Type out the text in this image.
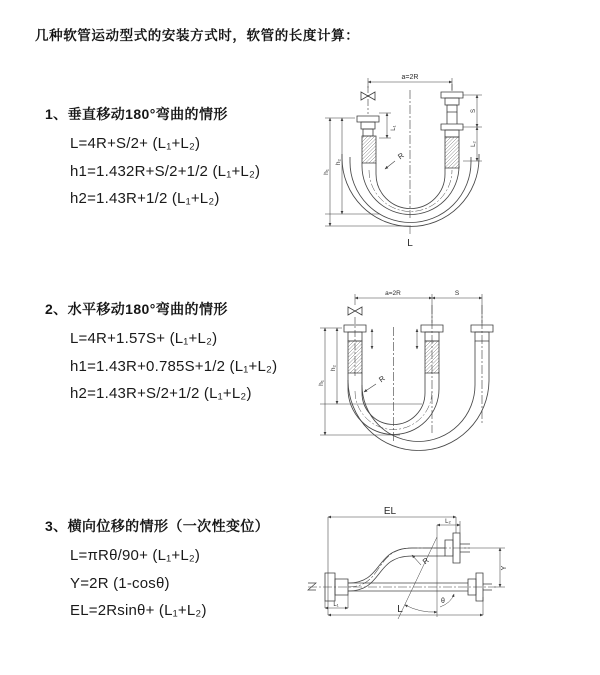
几种软管运动型式的安装方式时，软管的长度计算：
1、垂直移动180°弯曲的情形
L=4R+S/2+ (L₁+L₂)
h1=1.432R+S/2+1/2 (L₁+L₂)
h2=1.43R+1/2 (L₁+L₂)
2、水平移动180°弯曲的情形
L=4R+1.57S+ (L₁+L₂)
h1=1.43R+0.785S+1/2 (L₁+L₂)
h2=1.43R+S/2+1/2 (L₁+L₂)
3、横向位移的情形（一次性变位）
L=πRθ/90+ (L₁+L₂)
Y=2R (1-cosθ)
EL=2Rsinθ+ (L₁+L₂)
a=2R
L₁
h₁
h₂
S
L₂
R
L
a=2R	S
h₁
h₂
R
θ
EL
L₂
Y
L
L₁
R
